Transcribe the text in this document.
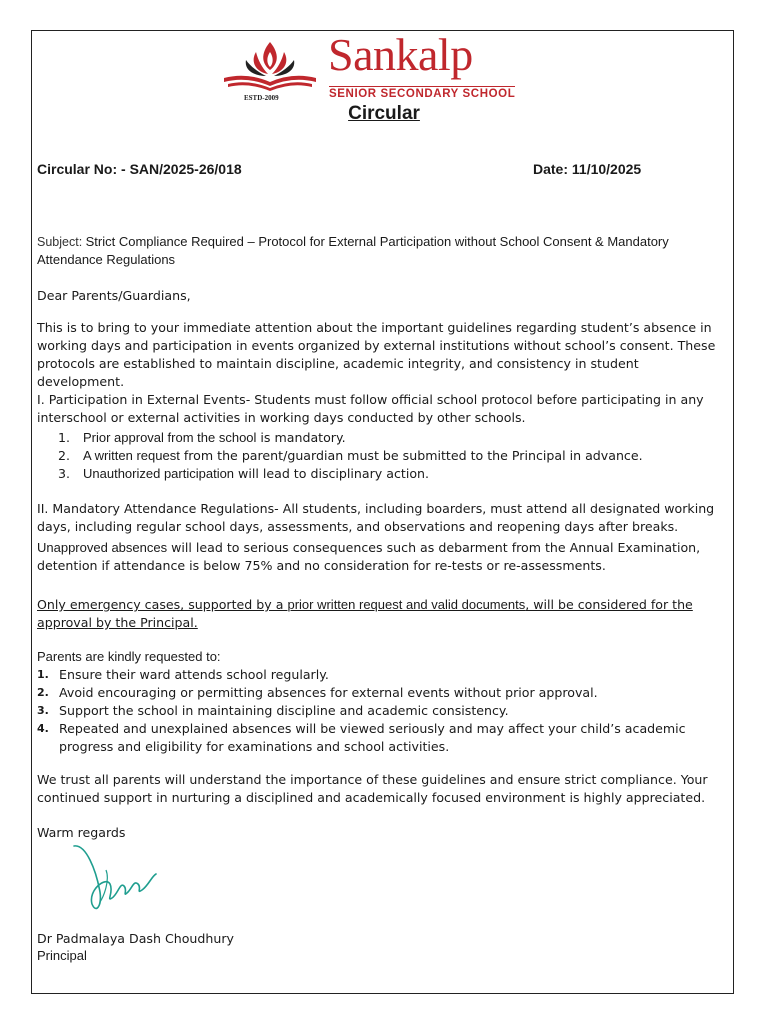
ESTD-2009
Sankalp
SENIOR SECONDARY SCHOOL
Circular
Circular No: - SAN/2025-26/018	Date: 11/10/2025
Subject: Strict Compliance Required – Protocol for External Participation without School Consent & Mandatory Attendance Regulations
Dear Parents/Guardians,
This is to bring to your immediate attention about the important guidelines regarding student’s absence in working days and participation in events organized by external institutions without school’s consent. These protocols are established to maintain discipline, academic integrity, and consistency in student development.
I. Participation in External Events- Students must follow official school protocol before participating in any interschool or external activities in working days conducted by other schools.
1. Prior approval from the school is mandatory.
2. A written request from the parent/guardian must be submitted to the Principal in advance.
3. Unauthorized participation will lead to disciplinary action.
II. Mandatory Attendance Regulations- All students, including boarders, must attend all designated working days, including regular school days, assessments, and observations and reopening days after breaks.
Unapproved absences will lead to serious consequences such as debarment from the Annual Examination, detention if attendance is below 75% and no consideration for re-tests or re-assessments.
Only emergency cases, supported by a prior written request and valid documents, will be considered for the approval by the Principal.
Parents are kindly requested to:
1. Ensure their ward attends school regularly.
2. Avoid encouraging or permitting absences for external events without prior approval.
3. Support the school in maintaining discipline and academic consistency.
4. Repeated and unexplained absences will be viewed seriously and may affect your child’s academic progress and eligibility for examinations and school activities.
We trust all parents will understand the importance of these guidelines and ensure strict compliance. Your continued support in nurturing a disciplined and academically focused environment is highly appreciated.
Warm regards
Dr Padmalaya Dash Choudhury
Principal
